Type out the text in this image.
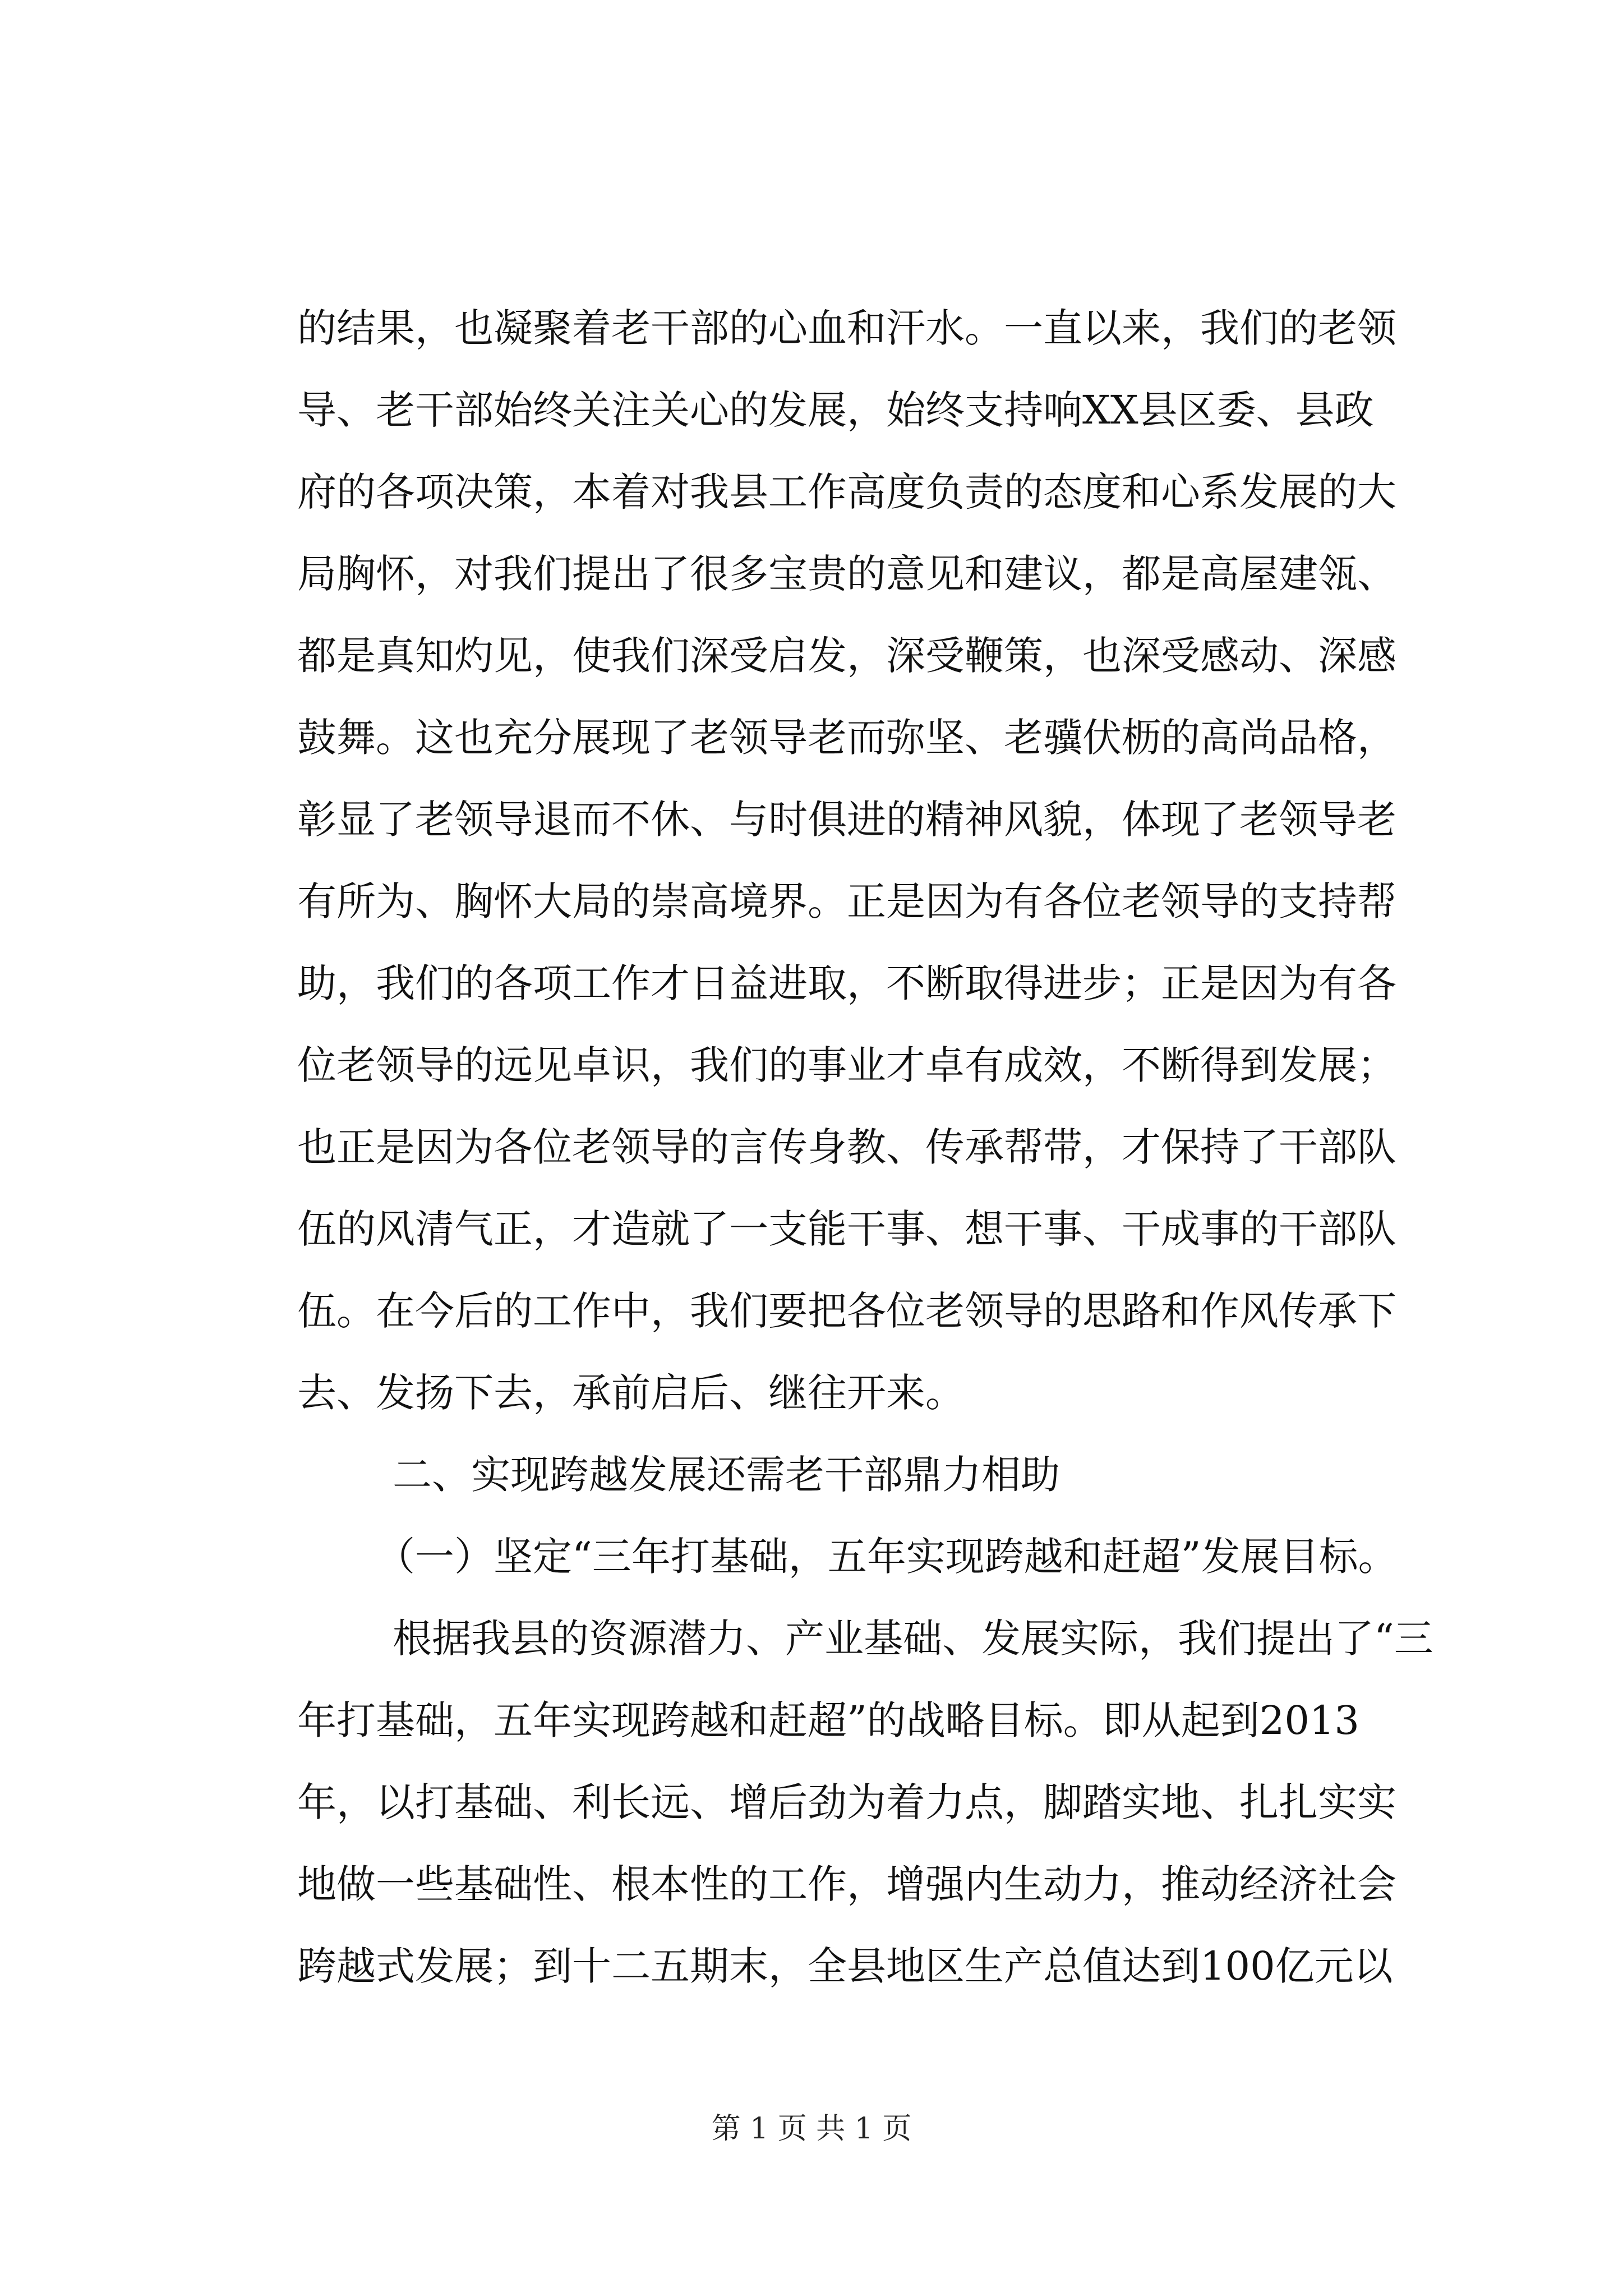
的结果，也凝聚着老干部的心血和汗水。一直以来，我们的老领
导、老干部始终关注关心的发展，始终支持响XX县区委、县政
府的各项决策，本着对我县工作高度负责的态度和心系发展的大
局胸怀，对我们提出了很多宝贵的意见和建议，都是高屋建瓴、
都是真知灼见，使我们深受启发，深受鞭策，也深受感动、深感
鼓舞。这也充分展现了老领导老而弥坚、老骥伏枥的高尚品格，
彰显了老领导退而不休、与时俱进的精神风貌，体现了老领导老
有所为、胸怀大局的崇高境界。正是因为有各位老领导的支持帮
助，我们的各项工作才日益进取，不断取得进步；正是因为有各
位老领导的远见卓识，我们的事业才卓有成效，不断得到发展；
也正是因为各位老领导的言传身教、传承帮带，才保持了干部队
伍的风清气正，才造就了一支能干事、想干事、干成事的干部队
伍。在今后的工作中，我们要把各位老领导的思路和作风传承下
去、发扬下去，承前启后、继往开来。
二、实现跨越发展还需老干部鼎力相助
（一）坚定“三年打基础，五年实现跨越和赶超”发展目标。
根据我县的资源潜力、产业基础、发展实际，我们提出了“三
年打基础，五年实现跨越和赶超”的战略目标。即从起到2013
年，以打基础、利长远、增后劲为着力点，脚踏实地、扎扎实实
地做一些基础性、根本性的工作，增强内生动力，推动经济社会
跨越式发展；到十二五期末，全县地区生产总值达到100亿元以
第 1 页 共 1 页
